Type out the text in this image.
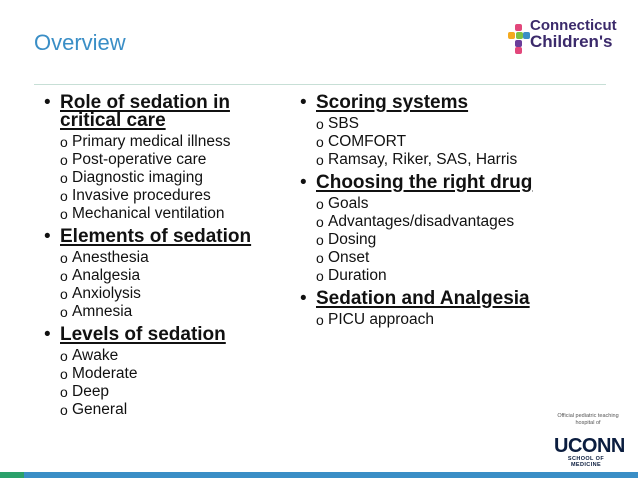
Overview
Connecticut
Children's
• Role of sedation in critical care
o Primary medical illness
o Post-operative care
o Diagnostic imaging
o Invasive procedures
o Mechanical ventilation
• Elements of sedation
o Anesthesia
o Analgesia
o Anxiolysis
o Amnesia
• Levels of sedation
o Awake
o Moderate
o Deep
o General
• Scoring systems
o SBS
o COMFORT
o Ramsay, Riker, SAS, Harris
• Choosing the right drug
o Goals
o Advantages/disadvantages
o Dosing
o Onset
o Duration
• Sedation and Analgesia
o PICU approach
Official pediatric teaching hospital of
UCONN
SCHOOL OF MEDICINE
